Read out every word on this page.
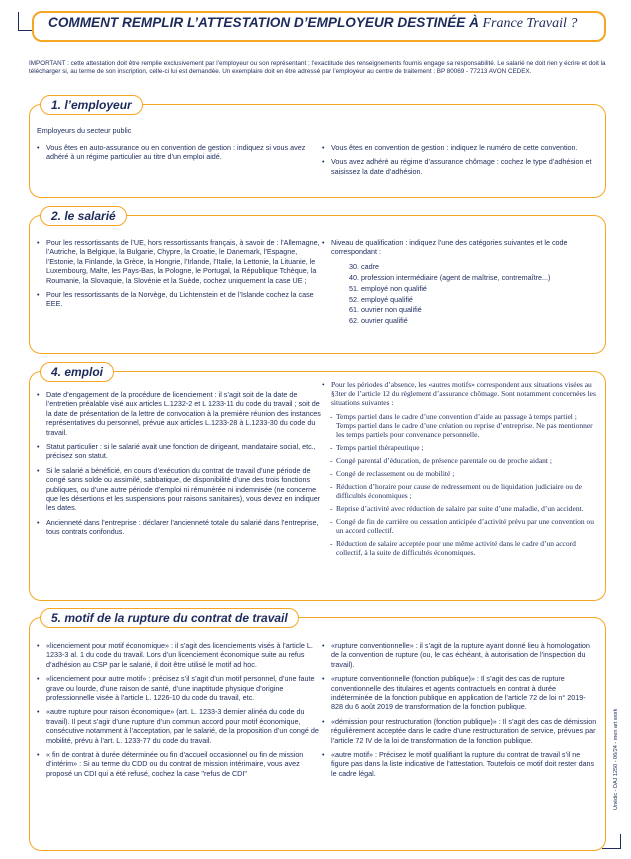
COMMENT REMPLIR L’ATTESTATION D’EMPLOYEUR DESTINÉE À France Travail ?
IMPORTANT : cette attestation doit être remplie exclusivement par l’employeur ou son représentant ; l’exactitude des renseignements fournis engage sa responsabilité. Le salarié ne doit rien y écrire et doit la télécharger si, au terme de son inscription, celle-ci lui est demandée. Un exemplaire doit en être adressé par l’employeur au centre de traitement : BP 80069 - 77213 AVON CEDEX.
1. l’employeur
Employeurs du secteur public
• Vous êtes en auto-assurance ou en convention de gestion : indiquez si vous avez adhéré à un régime particulier au titre d’un emploi aidé.
• Vous êtes en convention de gestion : indiquez le numéro de cette convention.
• Vous avez adhéré au régime d’assurance chômage : cochez le type d’adhésion et saisissez la date d’adhésion.
2. le salarié
• Pour les ressortissants de l’UE, hors ressortissants français, à savoir de : l’Allemagne, l’Autriche, la Belgique, la Bulgarie, Chypre, la Croatie, le Danemark, l’Espagne, l’Estonie, la Finlande, la Grèce, la Hongrie, l’Irlande, l’Italie, la Lettonie, la Lituanie, le Luxembourg, Malte, les Pays-Bas, la Pologne, le Portugal, la République Tchèque, la Roumanie, la Slovaquie, la Slovénie et la Suède, cochez uniquement la case UE ;
• Pour les ressortissants de la Norvège, du Lichtenstein et de l’Islande cochez la case EEE.
• Niveau de qualification : indiquez l’une des catégories suivantes et le code correspondant :
30. cadre
40. profession intermédiaire (agent de maîtrise, contremaître...)
51. employé non qualifié
52. employé qualifié
61. ouvrier non qualifié
62. ouvrier qualifié
4. emploi
• Date d’engagement de la procédure de licenciement : il s’agit soit de la date de l’entretien préalable visé aux articles L.1232-2 et L 1233-11 du code du travail ; soit de la date de présentation de la lettre de convocation à la première réunion des instances représentatives du personnel, prévue aux articles L.1233-28 à L.1233-30 du code du travail.
• Statut particulier : si le salarié avait une fonction de dirigeant, mandataire social, etc., précisez son statut.
• Si le salarié a bénéficié, en cours d’exécution du contrat de travail d’une période de congé sans solde ou assimilé, sabbatique, de disponibilité d’une des trois fonctions publiques, ou d’une autre période d’emploi ni rémunérée ni indemnisée (ne concerne que les désertions et les suspensions pour raisons sanitaires), vous devez en indiquer les dates.
• Ancienneté dans l’entreprise : déclarer l’ancienneté totale du salarié dans l’entreprise, tous contrats confondus.
• Pour les périodes d’absence, les «autres motifs» correspondent aux situations visées au §3ter de l’article 12 du règlement d’assurance chômage. Sont notamment concernées les situations suivantes :
- Temps partiel dans le cadre d’une convention d’aide au passage à temps partiel ; Temps partiel dans le cadre d’une création ou reprise d’entreprise. Ne pas mentionner les temps partiels pour convenance personnelle.
- Temps partiel thérapeutique ;
- Congé parental d’éducation, de présence parentale ou de proche aidant ;
- Congé de reclassement ou de mobilité ;
- Réduction d’horaire pour cause de redressement ou de liquidation judiciaire ou de difficultés économiques ;
- Reprise d’activité avec réduction de salaire par suite d’une maladie, d’un accident.
- Congé de fin de carrière ou cessation anticipée d’activité prévu par une convention ou un accord collectif.
- Réduction de salaire acceptée pour une même activité dans le cadre d’un accord collectif, à la suite de difficultés économiques.
5. motif de la rupture du contrat de travail
• «licenciement pour motif économique» : il s’agit des licenciements visés à l’article L. 1233-3 al. 1 du code du travail. Lors d’un licenciement économique suite au refus d’adhésion au CSP par le salarié, il doit être utilisé le motif ad hoc.
• «licenciement pour autre motif» : précisez s’il s’agit d’un motif personnel, d’une faute grave ou lourde, d’une raison de santé, d’une inaptitude physique d’origine professionnelle visée à l’article L. 1226-10 du code du travail, etc.
• «autre rupture pour raison économique» (art. L. 1233-3 dernier alinéa du code du travail). Il peut s’agir d’une rupture d’un commun accord pour motif économique, consécutive notamment à l’acceptation, par le salarié, de la proposition d’un congé de mobilité, prévu à l’art. L. 1233-77 du code du travail.
• « fin de contrat à durée déterminée ou fin d’accueil occasionnel ou fin de mission d’intérim» : Si au terme du CDD ou du contrat de mission intérimaire, vous avez proposé un CDI qui a été refusé, cochez la case "refus de CDI"
• «rupture conventionnelle» : il s’agit de la rupture ayant donné lieu à homologation de la convention de rupture (ou, le cas échéant, à autorisation de l’inspection du travail).
• «rupture conventionnelle (fonction publique)» : Il s’agit des cas de rupture conventionnelle des titulaires et agents contractuels en contrat à durée indéterminée de la fonction publique en application de l’article 72 de loi n° 2019-828 du 6 août 2019 de transformation de la fonction publique.
• «démission pour restructuration (fonction publique)» : Il s’agit des cas de démission régulièrement acceptée dans le cadre d’une restructuration de service, prévues par l’article 72 IV de la loi de transformation de la fonction publique.
• «autre motif» : Précisez le motif qualifiant la rupture du contrat de travail s’il ne figure pas dans la liste indicative de l’attestation. Toutefois ce motif doit rester dans le cadre légal.	Unédic - DAJ 1250 - 06/24 - men art work
